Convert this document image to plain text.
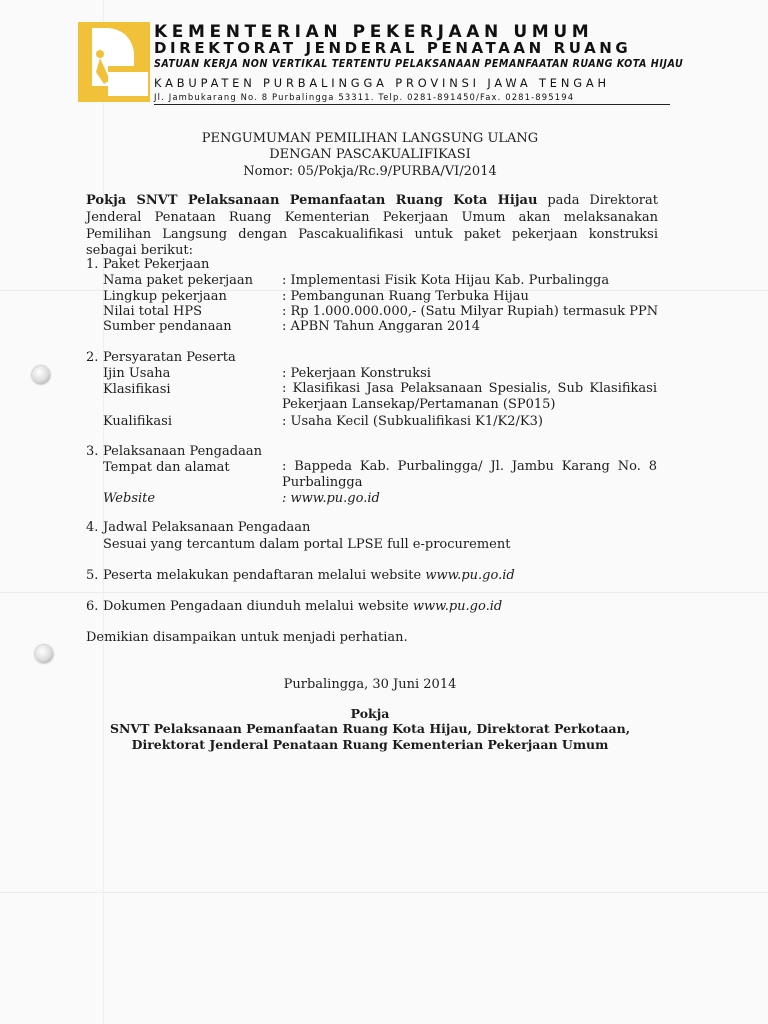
KEMENTERIAN PEKERJAAN UMUM
DIREKTORAT JENDERAL PENATAAN RUANG
SATUAN KERJA NON VERTIKAL TERTENTU PELAKSANAAN PEMANFAATAN RUANG KOTA HIJAU
KABUPATEN PURBALINGGA PROVINSI JAWA TENGAH
Jl. Jambukarang No. 8 Purbalingga 53311. Telp. 0281-891450/Fax. 0281-895194
PENGUMUMAN PEMILIHAN LANGSUNG ULANG
DENGAN PASCAKUALIFIKASI
Nomor: 05/Pokja/Rc.9/PURBA/VI/2014
Pokja SNVT Pelaksanaan Pemanfaatan Ruang Kota Hijau pada Direktorat Jenderal Penataan Ruang Kementerian Pekerjaan Umum akan melaksanakan Pemilihan Langsung dengan Pascakualifikasi untuk paket pekerjaan konstruksi sebagai berikut:
1. Paket Pekerjaan
Nama paket pekerjaan : Implementasi Fisik Kota Hijau Kab. Purbalingga
Lingkup pekerjaan	: Pembangunan Ruang Terbuka Hijau
Nilai total HPS	: Rp 1.000.000.000,- (Satu Milyar Rupiah) termasuk PPN
Sumber pendanaan	: APBN Tahun Anggaran 2014
2. Persyaratan Peserta
Ijin Usaha	: Pekerjaan Konstruksi
Klasifikasi	: Klasifikasi Jasa Pelaksanaan Spesialis, Sub Klasifikasi Pekerjaan Lansekap/Pertamanan (SP015)
Kualifikasi	: Usaha Kecil (Subkualifikasi K1/K2/K3)
3. Pelaksanaan Pengadaan
Tempat dan alamat	: Bappeda Kab. Purbalingga/ Jl. Jambu Karang No. 8 Purbalingga
Website	: www.pu.go.id
4. Jadwal Pelaksanaan Pengadaan
Sesuai yang tercantum dalam portal LPSE full e-procurement
5. Peserta melakukan pendaftaran melalui website www.pu.go.id
6. Dokumen Pengadaan diunduh melalui website www.pu.go.id
Demikian disampaikan untuk menjadi perhatian.
Purbalingga, 30 Juni 2014
Pokja
SNVT Pelaksanaan Pemanfaatan Ruang Kota Hijau, Direktorat Perkotaan,
Direktorat Jenderal Penataan Ruang Kementerian Pekerjaan Umum
